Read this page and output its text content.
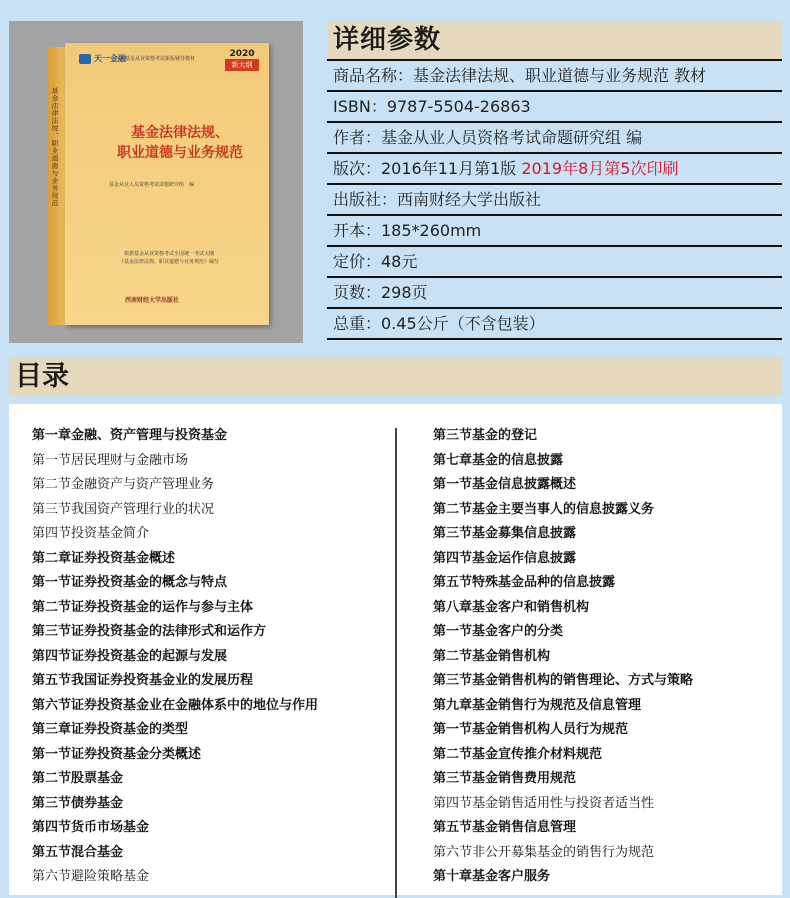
基金法律法规、职业道德与业务规范
天一金融 基金从业资格考试新版辅导教材	2020
新大纲
基金法律法规、
职业道德与业务规范
基金从业人员资格考试命题研究组　编
依据基金从业资格考试全国统一考试大纲
《基金法律法规、职业道德与业务规范》编写
西南财经大学出版社
详细参数
商品名称：基金法律法规、职业道德与业务规范 教材
ISBN：9787-5504-26863
作者：基金从业人员资格考试命题研究组 编
版次：2016年11月第1版 2019年8月第5次印刷
出版社：西南财经大学出版社
开本：185*260mm
定价：48元
页数：298页
总重：0.45公斤（不含包装）
目录
第一章金融、资产管理与投资基金
第一节居民理财与金融市场
第二节金融资产与资产管理业务
第三节我国资产管理行业的状况
第四节投资基金简介
第二章证券投资基金概述
第一节证券投资基金的概念与特点
第二节证券投资基金的运作与参与主体
第三节证券投资基金的法律形式和运作方
第四节证券投资基金的起源与发展
第五节我国证券投资基金业的发展历程
第六节证券投资基金业在金融体系中的地位与作用
第三章证券投资基金的类型
第一节证券投资基金分类概述
第二节股票基金
第三节债券基金
第四节货币市场基金
第五节混合基金
第六节避险策略基金
第三节基金的登记
第七章基金的信息披露
第一节基金信息披露概述
第二节基金主要当事人的信息披露义务
第三节基金募集信息披露
第四节基金运作信息披露
第五节特殊基金品种的信息披露
第八章基金客户和销售机构
第一节基金客户的分类
第二节基金销售机构
第三节基金销售机构的销售理论、方式与策略
第九章基金销售行为规范及信息管理
第一节基金销售机构人员行为规范
第二节基金宣传推介材料规范
第三节基金销售费用规范
第四节基金销售适用性与投资者适当性
第五节基金销售信息管理
第六节非公开募集基金的销售行为规范
第十章基金客户服务
